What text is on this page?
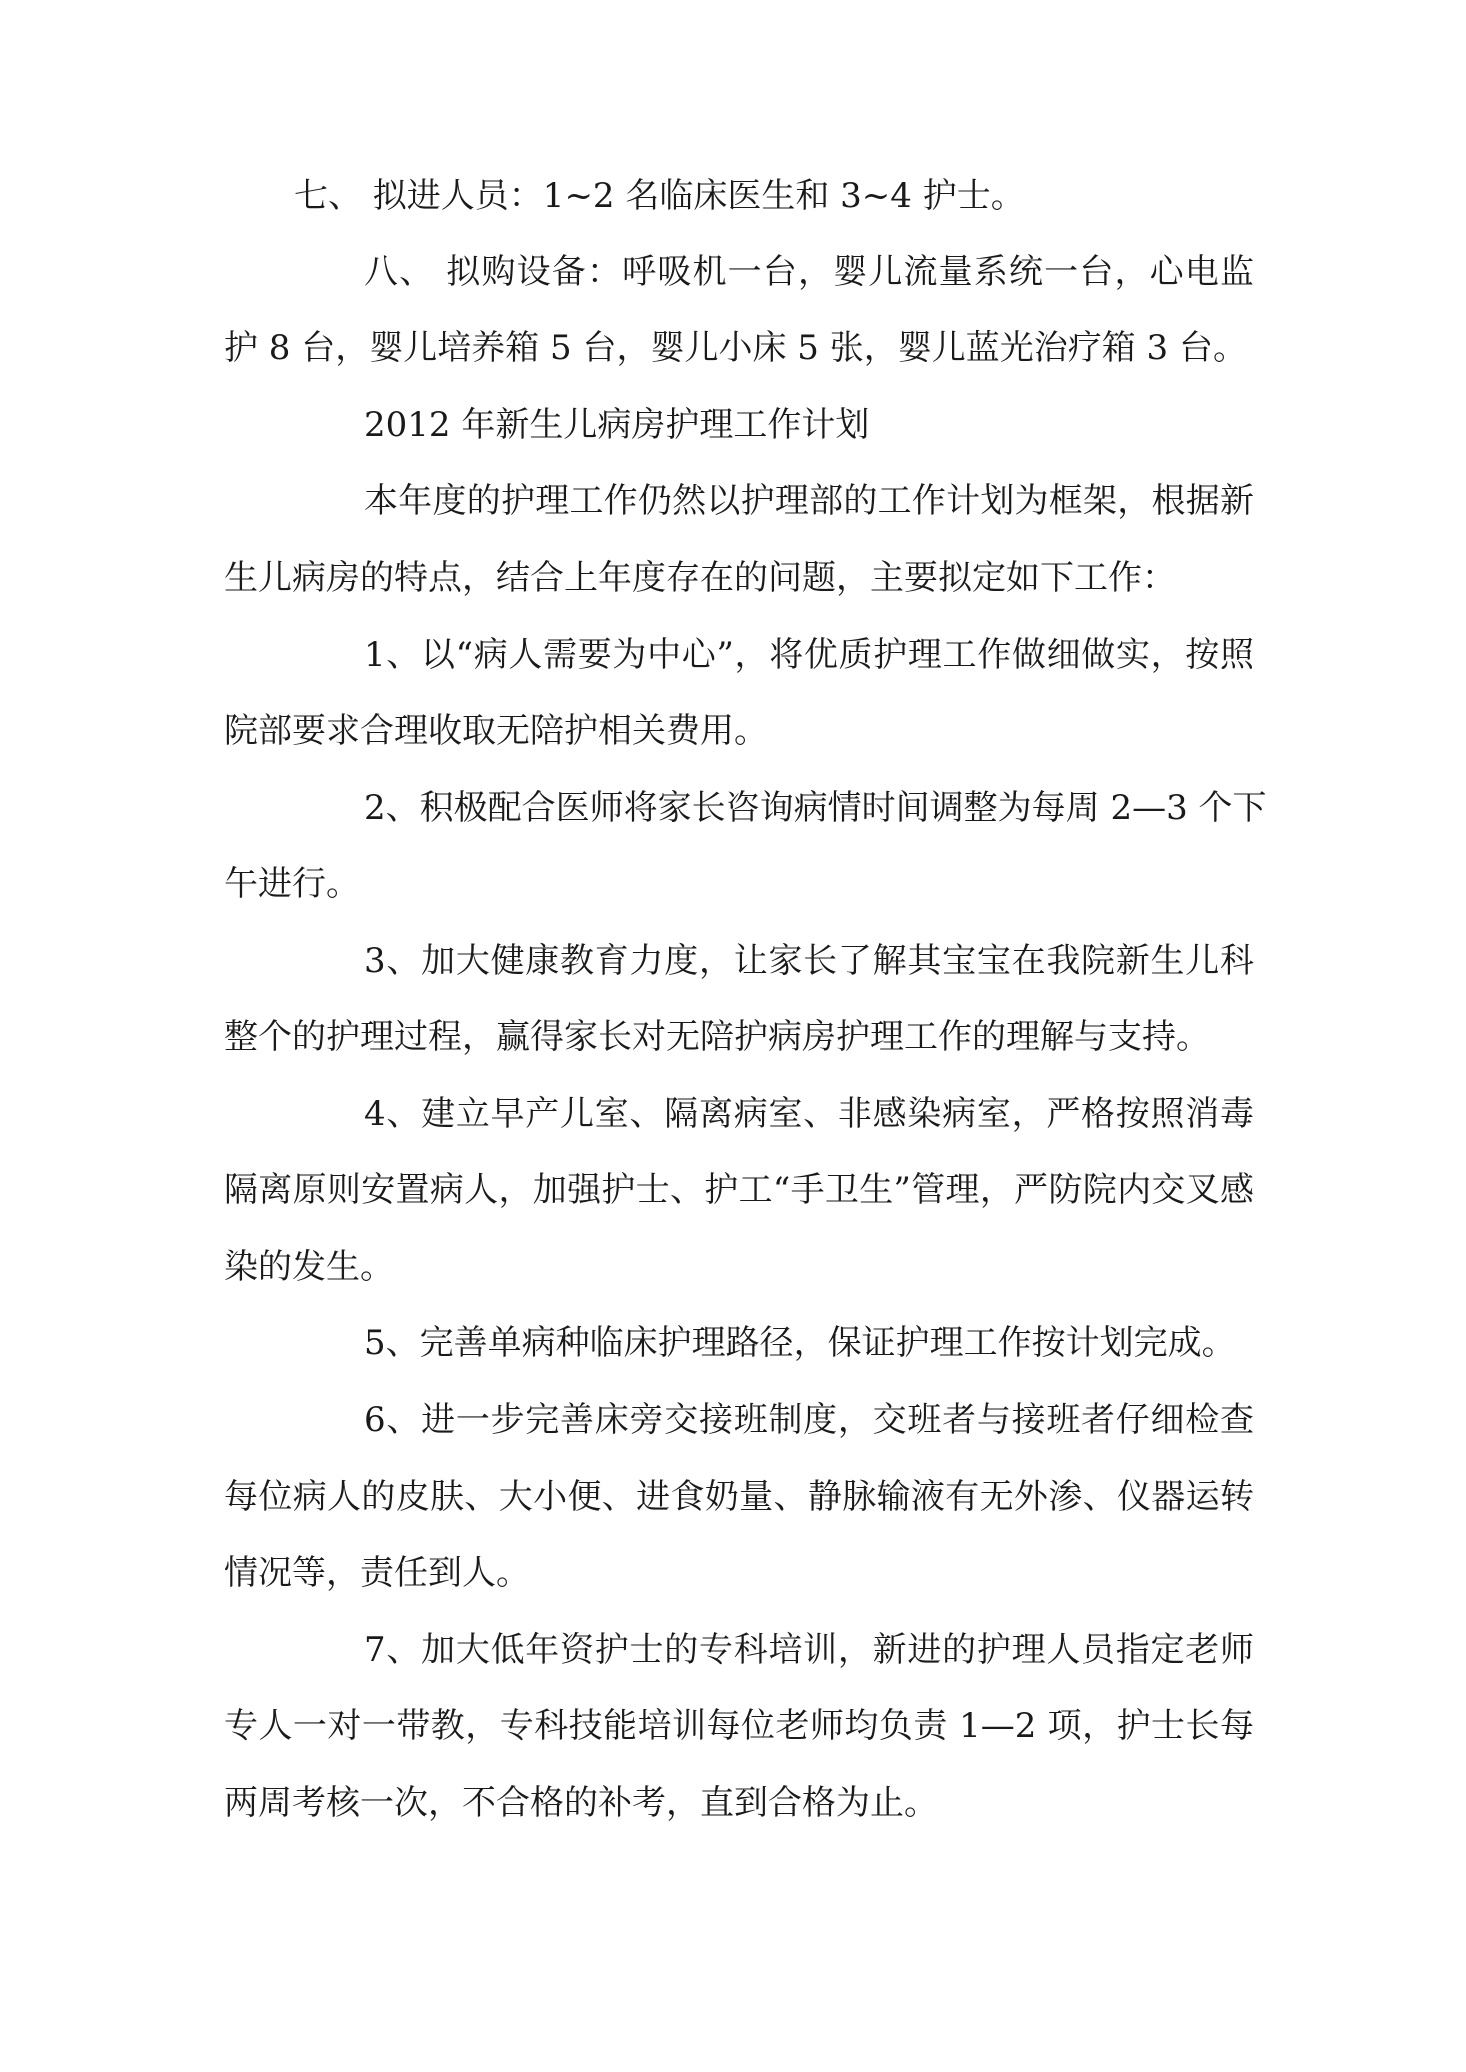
七、 拟进人员：1~2 名临床医生和 3~4 护士。
八、 拟购设备：呼吸机一台，婴儿流量系统一台，心电监
护 8 台，婴儿培养箱 5 台，婴儿小床 5 张，婴儿蓝光治疗箱 3 台。
2012 年新生儿病房护理工作计划
本年度的护理工作仍然以护理部的工作计划为框架，根据新
生儿病房的特点，结合上年度存在的问题，主要拟定如下工作：
1、以“病人需要为中心”，将优质护理工作做细做实，按照
院部要求合理收取无陪护相关费用。
2、积极配合医师将家长咨询病情时间调整为每周 2—3 个下
午进行。
3、加大健康教育力度，让家长了解其宝宝在我院新生儿科
整个的护理过程，赢得家长对无陪护病房护理工作的理解与支持。
4、建立早产儿室、隔离病室、非感染病室，严格按照消毒
隔离原则安置病人，加强护士、护工“手卫生”管理，严防院内交叉感
染的发生。
5、完善单病种临床护理路径，保证护理工作按计划完成。
6、进一步完善床旁交接班制度，交班者与接班者仔细检查
每位病人的皮肤、大小便、进食奶量、静脉输液有无外渗、仪器运转
情况等，责任到人。
7、加大低年资护士的专科培训，新进的护理人员指定老师
专人一对一带教，专科技能培训每位老师均负责 1—2 项，护士长每
两周考核一次，不合格的补考，直到合格为止。
